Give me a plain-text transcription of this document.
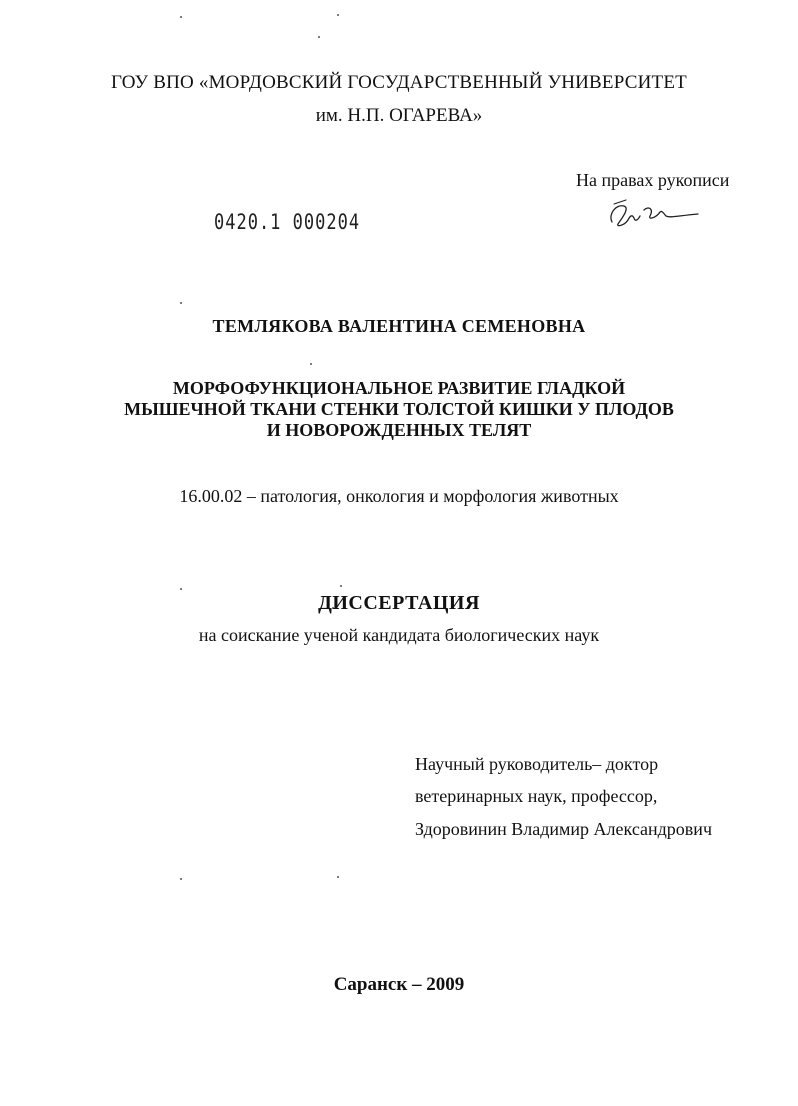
ГОУ ВПО «МОРДОВСКИЙ ГОСУДАРСТВЕННЫЙ УНИВЕРСИТЕТ
им. Н.П. ОГАРЕВА»
На правах рукописи
0420.1 000204
ТЕМЛЯКОВА ВАЛЕНТИНА СЕМЕНОВНА
МОРФОФУНКЦИОНАЛЬНОЕ РАЗВИТИЕ ГЛАДКОЙ
МЫШЕЧНОЙ ТКАНИ СТЕНКИ ТОЛСТОЙ КИШКИ У ПЛОДОВ
И НОВОРОЖДЕННЫХ ТЕЛЯТ
16.00.02 – патология, онкология и морфология животных
ДИССЕРТАЦИЯ
на соискание ученой кандидата биологических наук
Научный руководитель– доктор
ветеринарных наук, профессор,
Здоровинин Владимир Александрович
Саранск – 2009
